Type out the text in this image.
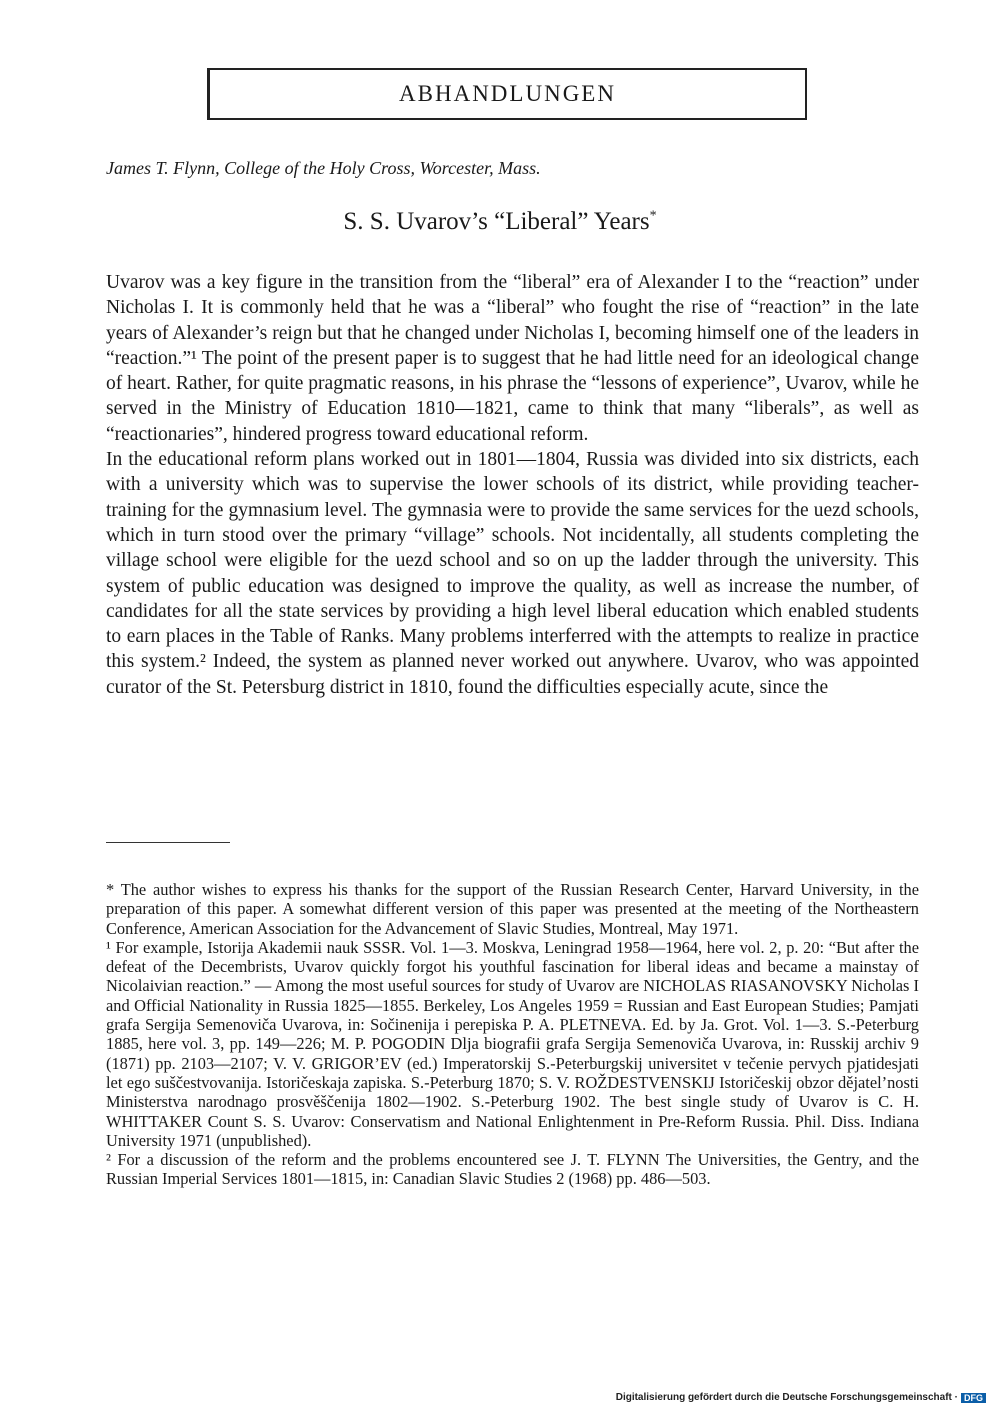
ABHANDLUNGEN
James T. Flynn, College of the Holy Cross, Worcester, Mass.
S. S. Uvarov’s “Liberal” Years*

Uvarov was a key figure in the transition from the “liberal” era of Alexander I to the “reaction” under Nicholas I. It is commonly held that he was a “liberal” who fought the rise of “reaction” in the late years of Alexander’s reign but that he changed under Nicholas I, becoming himself one of the leaders in “reaction.”¹ The point of the present paper is to suggest that he had little need for an ideological change of heart. Rather, for quite pragmatic reasons, in his phrase the “lessons of experience”, Uvarov, while he served in the Ministry of Education 1810—1821, came to think that many “liberals”, as well as “reactionaries”, hindered progress toward educational reform.

In the educational reform plans worked out in 1801—1804, Russia was divided into six districts, each with a university which was to supervise the lower schools of its district, while providing teacher-training for the gymnasium level. The gymnasia were to provide the same services for the uezd schools, which in turn stood over the primary “village” schools. Not incidentally, all students completing the village school were eligible for the uezd school and so on up the ladder through the university. This system of public education was designed to improve the quality, as well as increase the number, of candidates for all the state services by providing a high level liberal education which enabled students to earn places in the Table of Ranks. Many problems interferred with the attempts to realize in practice this system.² Indeed, the system as planned never worked out anywhere. Uvarov, who was appointed curator of the St. Petersburg district in 1810, found the difficulties especially acute, since the

* The author wishes to express his thanks for the support of the Russian Research Center, Harvard University, in the preparation of this paper. A somewhat different version of this paper was presented at the meeting of the Northeastern Conference, American Association for the Advancement of Slavic Studies, Montreal, May 1971.

¹ For example, Istorija Akademii nauk SSSR. Vol. 1—3. Moskva, Leningrad 1958—1964, here vol. 2, p. 20: “But after the defeat of the Decembrists, Uvarov quickly forgot his youthful fascination for liberal ideas and became a mainstay of Nicolaivian reaction.” — Among the most useful sources for study of Uvarov are NICHOLAS RIASANOVSKY Nicholas I and Official Nationality in Russia 1825—1855. Berkeley, Los Angeles 1959 = Russian and East European Studies; Pamjati grafa Sergija Semenoviča Uvarova, in: Sočinenija i perepiska P. A. PLETNEVA. Ed. by Ja. Grot. Vol. 1—3. S.-Peterburg 1885, here vol. 3, pp. 149—226; M. P. POGODIN Dlja biografii grafa Sergija Semenoviča Uvarova, in: Russkij archiv 9 (1871) pp. 2103—2107; V. V. GRIGOR’EV (ed.) Imperatorskij S.-Peterburgskij universitet v tečenie pervych pjatidesjati let ego suščestvovanija. Istoričeskaja zapiska. S.-Peterburg 1870; S. V. ROŽDESTVENSKIJ Istoričeskij obzor dějatel’nosti Ministerstva narodnago prosvěščenija 1802—1902. S.-Peterburg 1902. The best single study of Uvarov is C. H. WHITTAKER Count S. S. Uvarov: Conservatism and National Enlightenment in Pre-Reform Russia. Phil. Diss. Indiana University 1971 (unpublished).

² For a discussion of the reform and the problems encountered see J. T. FLYNN The Universities, the Gentry, and the Russian Imperial Services 1801—1815, in: Canadian Slavic Studies 2 (1968) pp. 486—503.

Digitalisierung gefördert durch die Deutsche Forschungsgemeinschaft · DFG
